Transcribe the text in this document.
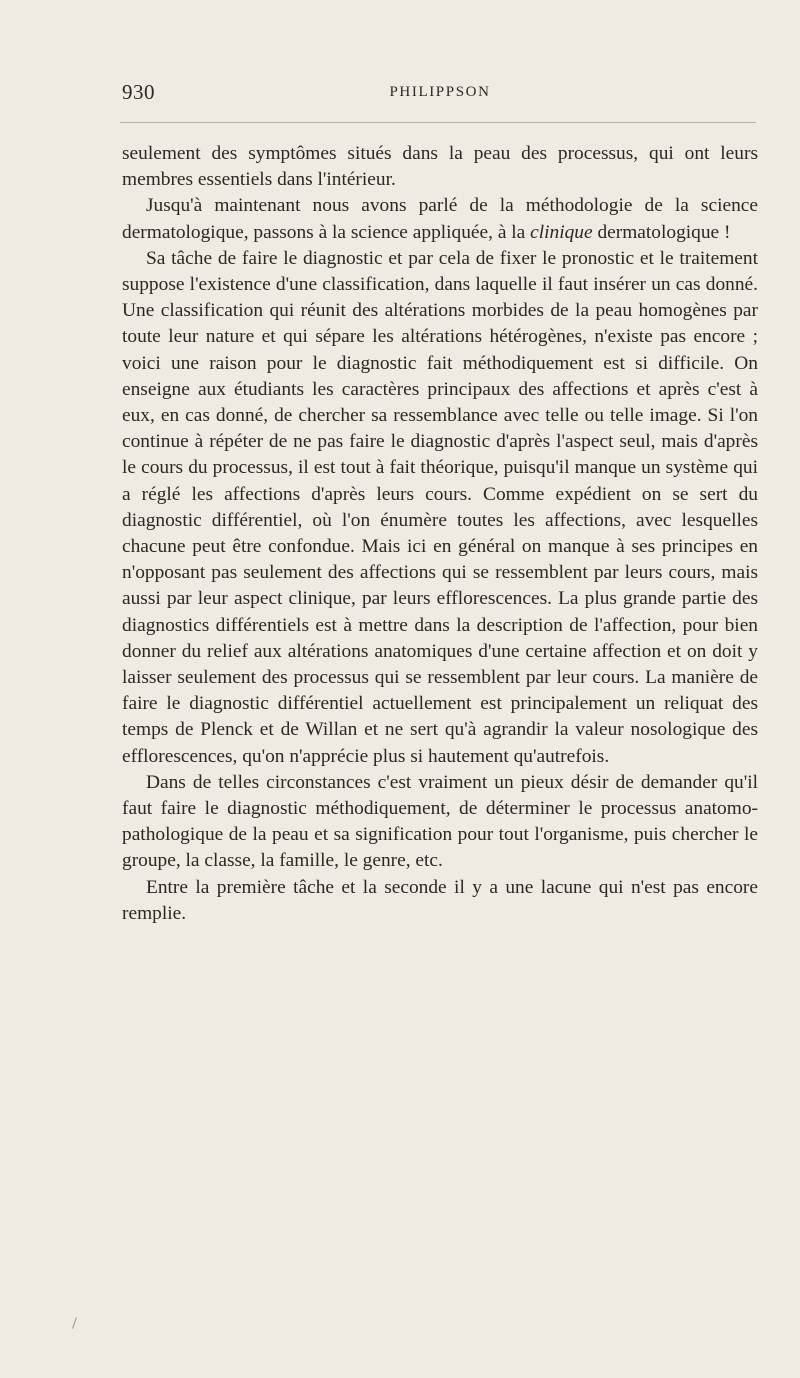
930	PHILIPPSON

seulement des symptômes situés dans la peau des processus, qui ont leurs membres essentiels dans l'intérieur.

Jusqu'à maintenant nous avons parlé de la méthodologie de la science dermatologique, passons à la science appliquée, à la clinique dermatologique !

Sa tâche de faire le diagnostic et par cela de fixer le pronostic et le traitement suppose l'existence d'une classification, dans laquelle il faut insérer un cas donné. Une classification qui réunit des altérations morbides de la peau homogènes par toute leur nature et qui sépare les altérations hétérogènes, n'existe pas encore ; voici une raison pour le diagnostic fait méthodiquement est si difficile. On enseigne aux étudiants les caractères principaux des affections et après c'est à eux, en cas donné, de chercher sa ressemblance avec telle ou telle image. Si l'on continue à répéter de ne pas faire le diagnostic d'après l'aspect seul, mais d'après le cours du processus, il est tout à fait théorique, puisqu'il manque un système qui a réglé les affections d'après leurs cours. Comme expédient on se sert du diagnostic différentiel, où l'on énumère toutes les affections, avec lesquelles chacune peut être confondue. Mais ici en général on manque à ses principes en n'opposant pas seulement des affections qui se ressemblent par leurs cours, mais aussi par leur aspect clinique, par leurs efflorescences. La plus grande partie des diagnostics différentiels est à mettre dans la description de l'affection, pour bien donner du relief aux altérations anatomiques d'une certaine affection et on doit y laisser seulement des processus qui se ressemblent par leur cours. La manière de faire le diagnostic différentiel actuellement est principalement un reliquat des temps de Plenck et de Willan et ne sert qu'à agrandir la valeur nosologique des efflorescences, qu'on n'apprécie plus si hautement qu'autrefois.

Dans de telles circonstances c'est vraiment un pieux désir de demander qu'il faut faire le diagnostic méthodiquement, de déterminer le processus anatomo-pathologique de la peau et sa signification pour tout l'organisme, puis chercher le groupe, la classe, la famille, le genre, etc.

Entre la première tâche et la seconde il y a une lacune qui n'est pas encore remplie.
